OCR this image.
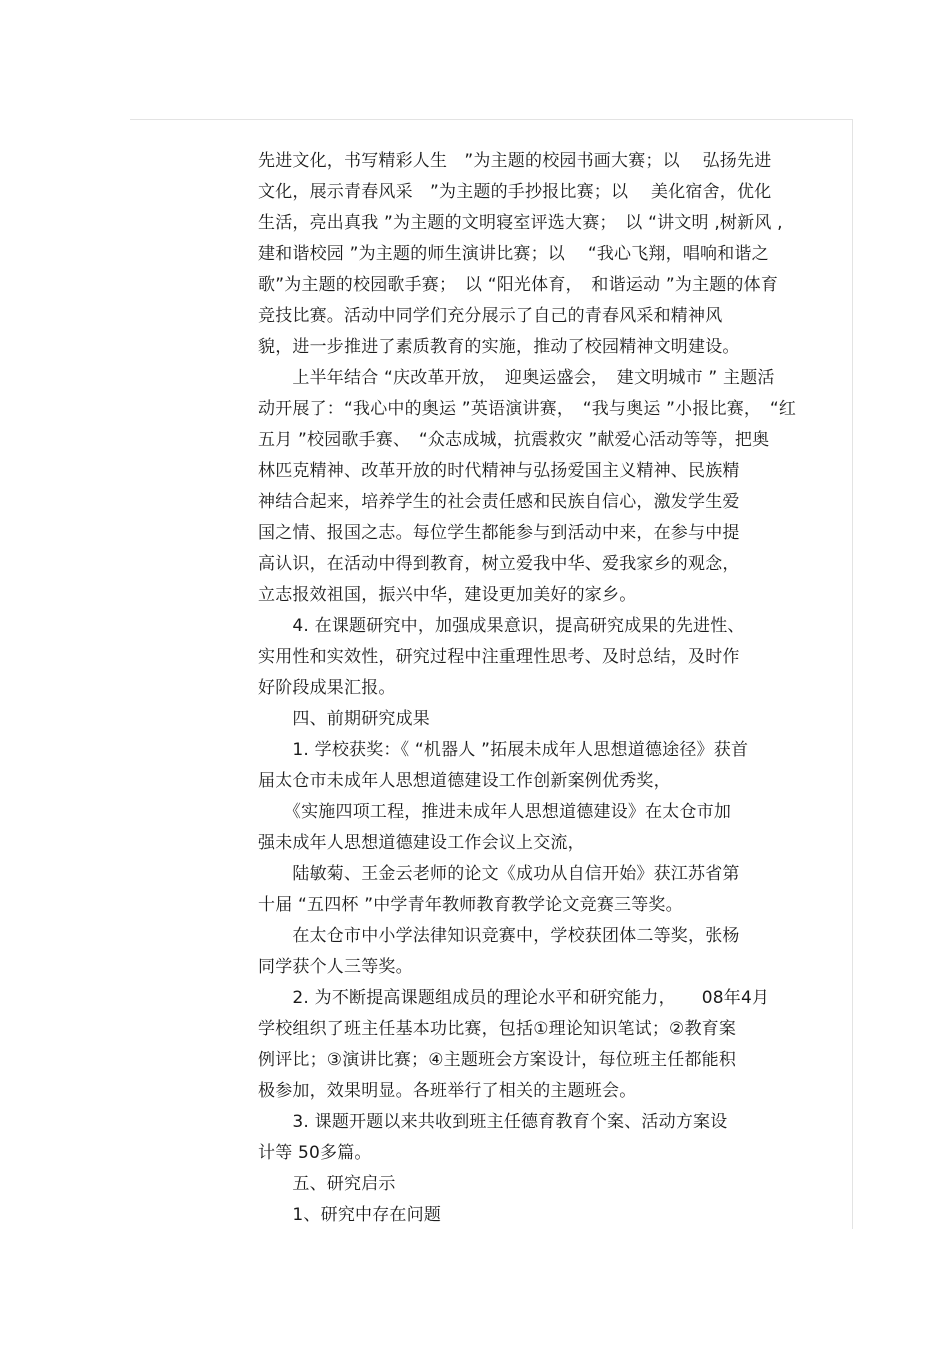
先进文化，书写精彩人生　”为主题的校园书画大赛；以　 弘扬先进
文化，展示青春风采　”为主题的手抄报比赛；以　 美化宿舍，优化
生活，亮出真我 ”为主题的文明寝室评选大赛；　以 “讲文明 ,树新风 ,
建和谐校园 ”为主题的师生演讲比赛；以　 “我心飞翔，唱响和谐之
歌”为主题的校园歌手赛；　以 “阳光体育，　和谐运动 ”为主题的体育
竞技比赛。活动中同学们充分展示了自己的青春风采和精神风
貌，进一步推进了素质教育的实施，推动了校园精神文明建设。
　　上半年结合 “庆改革开放，　迎奥运盛会，　建文明城市 ” 主题活
动开展了：“我心中的奥运 ”英语演讲赛，　“我与奥运 ”小报比赛，　“红
五月 ”校园歌手赛、　“众志成城，抗震救灾 ”献爱心活动等等，把奥
林匹克精神、改革开放的时代精神与弘扬爱国主义精神、民族精
神结合起来，培养学生的社会责任感和民族自信心，激发学生爱
国之情、报国之志。每位学生都能参与到活动中来，在参与中提
高认识，在活动中得到教育，树立爱我中华、爱我家乡的观念，
立志报效祖国，振兴中华，建设更加美好的家乡。
　　4. 在课题研究中，加强成果意识，提高研究成果的先进性、
实用性和实效性，研究过程中注重理性思考、及时总结，及时作
好阶段成果汇报。
　　四、前期研究成果
　　1. 学校获奖：《 “机器人 ”拓展未成年人思想道德途径》获首
届太仓市未成年人思想道德建设工作创新案例优秀奖，
　　《实施四项工程，推进未成年人思想道德建设》在太仓市加
强未成年人思想道德建设工作会议上交流，
　　陆敏菊、王金云老师的论文《成功从自信开始》获江苏省第
十届 “五四杯 ”中学青年教师教育教学论文竞赛三等奖。
　　在太仓市中小学法律知识竞赛中，学校获团体二等奖，张杨
同学获个人三等奖。
　　2. 为不断提高课题组成员的理论水平和研究能力，　　08年4月
学校组织了班主任基本功比赛，包括①理论知识笔试；②教育案
例评比；③演讲比赛；④主题班会方案设计，每位班主任都能积
极参加，效果明显。各班举行了相关的主题班会。
　　3. 课题开题以来共收到班主任德育教育个案、活动方案设
计等 50多篇。
　　五、研究启示
　　1、研究中存在问题
